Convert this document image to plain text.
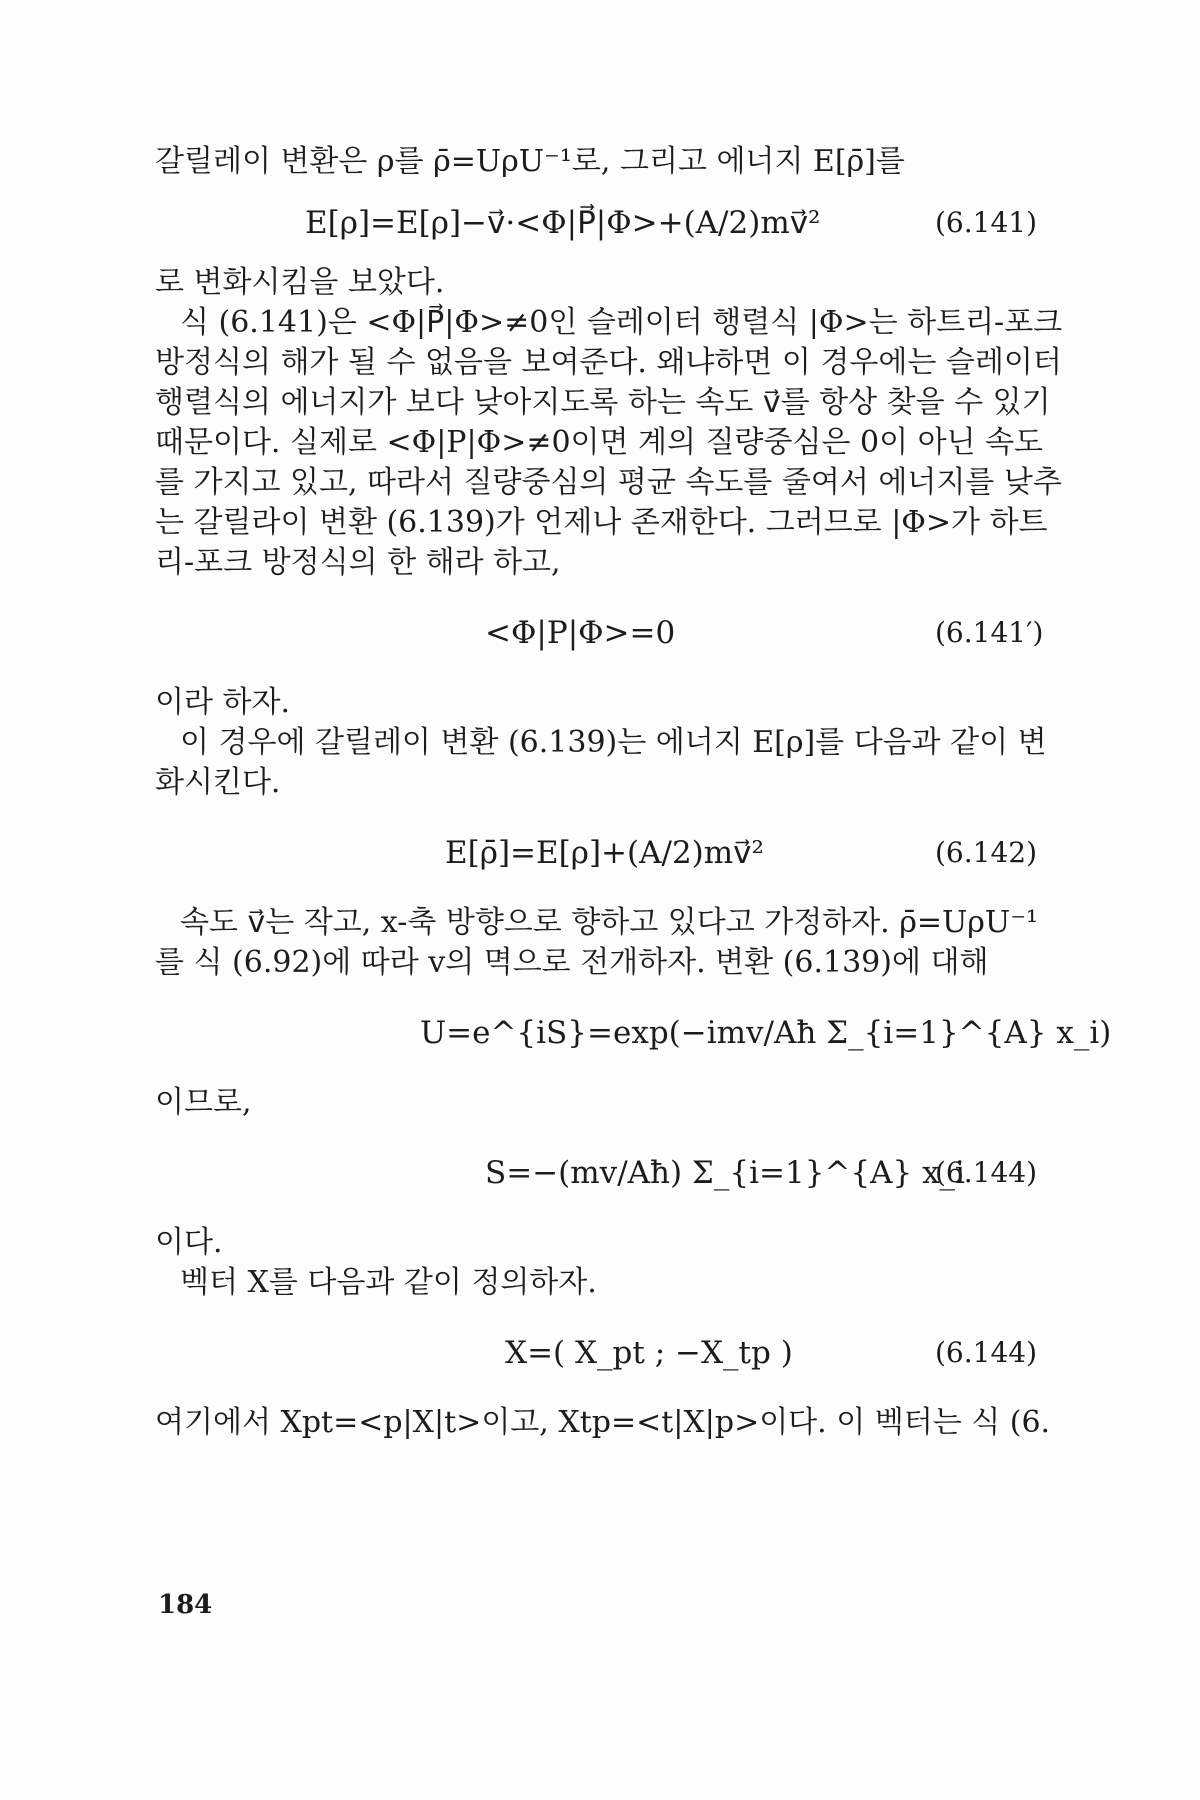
갈릴레이 변환은 ρ를 ρ̄=UρU⁻¹로, 그리고 에너지 E[ρ̄]를
E[ρ]=E[ρ]−v⃗·<Φ|P⃗|Φ>+(A/2)mv⃗²	(6.141)
로 변화시킴을 보았다.
식 (6.141)은 <Φ|P⃗|Φ>≠0인 슬레이터 행렬식 |Φ>는 하트리-포크
방정식의 해가 될 수 없음을 보여준다. 왜냐하면 이 경우에는 슬레이터
행렬식의 에너지가 보다 낮아지도록 하는 속도 v⃗를 항상 찾을 수 있기
때문이다. 실제로 <Φ|P|Φ>≠0이면 계의 질량중심은 0이 아닌 속도
를 가지고 있고, 따라서 질량중심의 평균 속도를 줄여서 에너지를 낮추
는 갈릴라이 변환 (6.139)가 언제나 존재한다. 그러므로 |Φ>가 하트
리-포크 방정식의 한 해라 하고,
<Φ|P|Φ>=0	(6.141′)
이라 하자.
이 경우에 갈릴레이 변환 (6.139)는 에너지 E[ρ]를 다음과 같이 변
화시킨다.
E[ρ̄]=E[ρ]+(A/2)mv⃗²	(6.142)
속도 v⃗는 작고, x-축 방향으로 향하고 있다고 가정하자. ρ̄=UρU⁻¹
를 식 (6.92)에 따라 v의 멱으로 전개하자. 변환 (6.139)에 대해
U=e^{iS}=exp(−imv/Aħ Σ_{i=1}^{A} x_i)
이므로,
S=−(mv/Aħ) Σ_{i=1}^{A} x_i
(6.144)
이다.
벡터 X를 다음과 같이 정의하자.
X=( X_pt ; −X_tp )	(6.144)
여기에서 Xpt=<p|X|t>이고, Xtp=<t|X|p>이다. 이 벡터는 식 (6.
184
